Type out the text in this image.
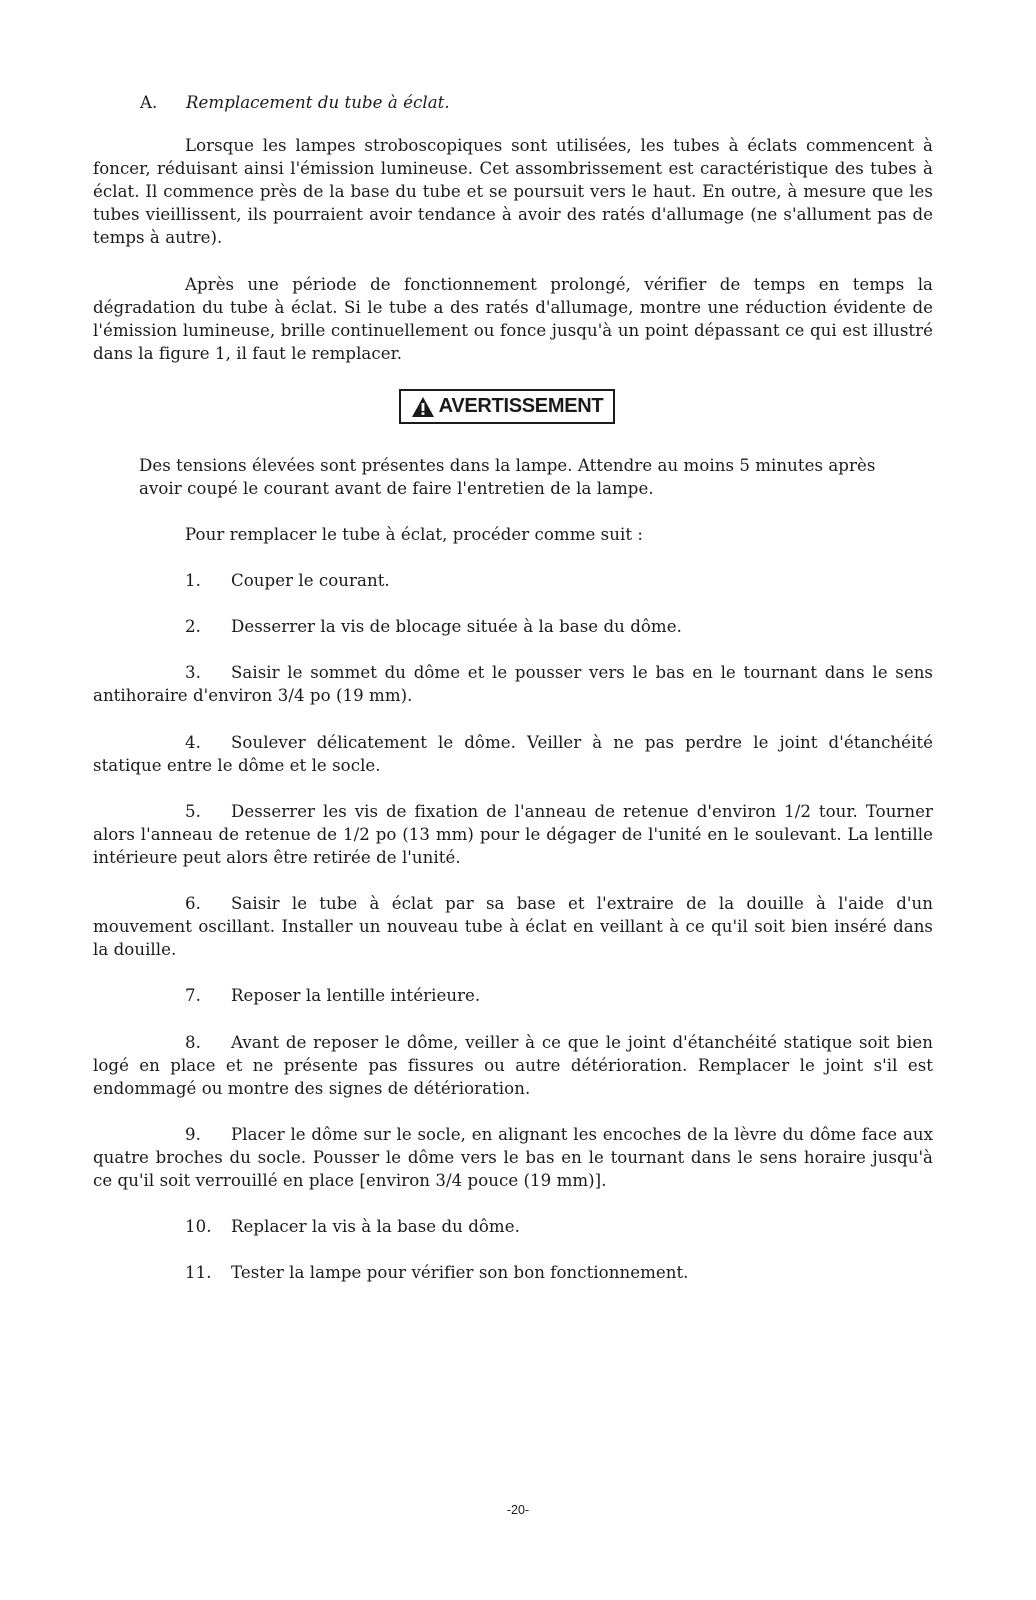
A. Remplacement du tube à éclat.

Lorsque les lampes stroboscopiques sont utilisées, les tubes à éclats commencent à foncer, réduisant ainsi l'émission lumineuse. Cet assombrissement est caractéristique des tubes à éclat. Il commence près de la base du tube et se poursuit vers le haut. En outre, à mesure que les tubes vieillissent, ils pourraient avoir tendance à avoir des ratés d'allumage (ne s'allument pas de temps à autre).

Après une période de fonctionnement prolongé, vérifier de temps en temps la dégradation du tube à éclat. Si le tube a des ratés d'allumage, montre une réduction évidente de l'émission lumineuse, brille continuellement ou fonce jusqu'à un point dépassant ce qui est illustré dans la figure 1, il faut le remplacer.

AVERTISSEMENT

Des tensions élevées sont présentes dans la lampe. Attendre au moins 5 minutes après avoir coupé le courant avant de faire l'entretien de la lampe.

Pour remplacer le tube à éclat, procéder comme suit :

1. Couper le courant.
2. Desserrer la vis de blocage située à la base du dôme.
3. Saisir le sommet du dôme et le pousser vers le bas en le tournant dans le sens antihoraire d'environ 3/4 po (19 mm).
4. Soulever délicatement le dôme. Veiller à ne pas perdre le joint d'étanchéité statique entre le dôme et le socle.
5. Desserrer les vis de fixation de l'anneau de retenue d'environ 1/2 tour. Tourner alors l'anneau de retenue de 1/2 po (13 mm) pour le dégager de l'unité en le soulevant. La lentille intérieure peut alors être retirée de l'unité.
6. Saisir le tube à éclat par sa base et l'extraire de la douille à l'aide d'un mouvement oscillant. Installer un nouveau tube à éclat en veillant à ce qu'il soit bien inséré dans la douille.
7. Reposer la lentille intérieure.
8. Avant de reposer le dôme, veiller à ce que le joint d'étanchéité statique soit bien logé en place et ne présente pas fissures ou autre détérioration. Remplacer le joint s'il est endommagé ou montre des signes de détérioration.
9. Placer le dôme sur le socle, en alignant les encoches de la lèvre du dôme face aux quatre broches du socle. Pousser le dôme vers le bas en le tournant dans le sens horaire jusqu'à ce qu'il soit verrouillé en place [environ 3/4 pouce (19 mm)].
10. Replacer la vis à la base du dôme.
11. Tester la lampe pour vérifier son bon fonctionnement.
-20-
